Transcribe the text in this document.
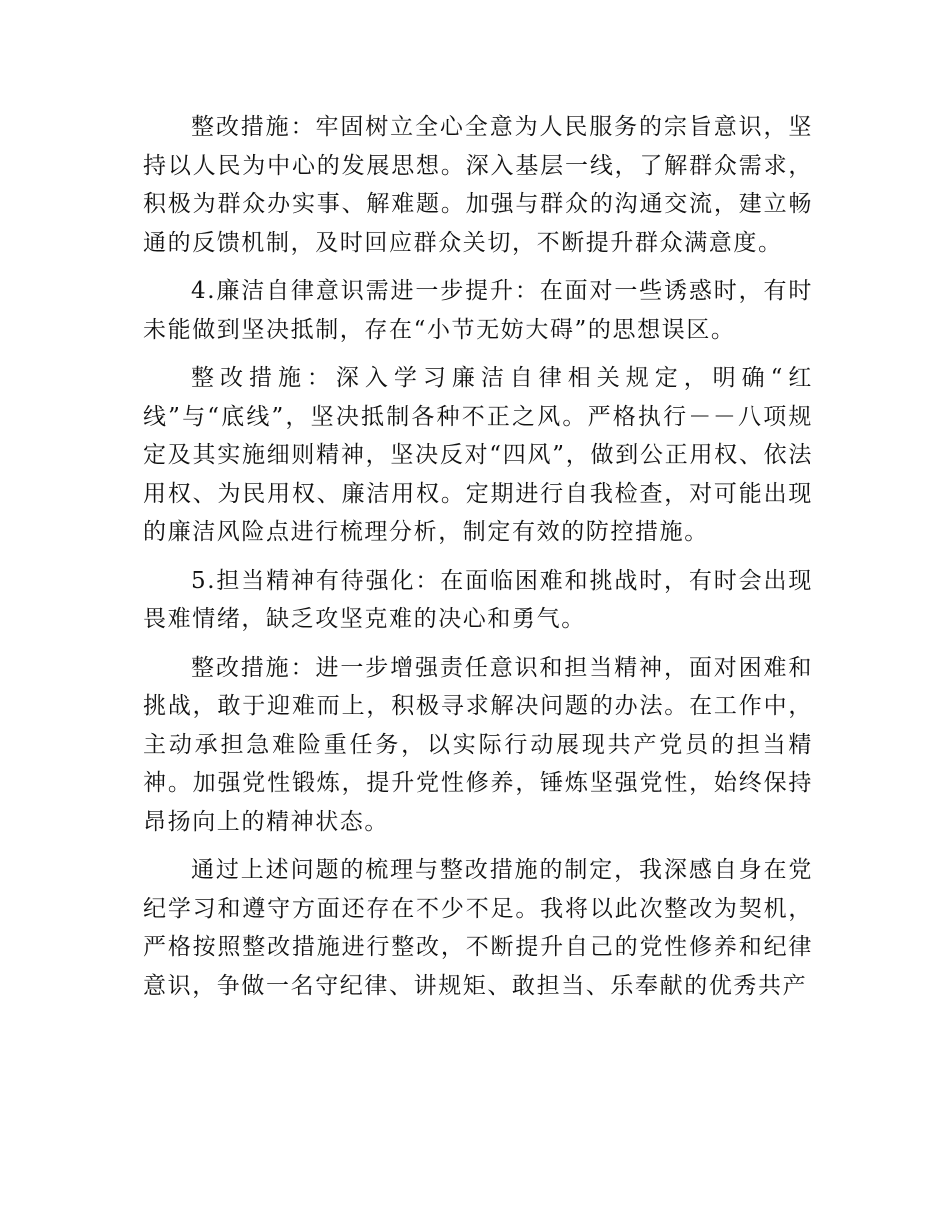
整改措施：牢固树立全心全意为人民服务的宗旨意识，坚持以人民为中心的发展思想。深入基层一线，了解群众需求，积极为群众办实事、解难题。加强与群众的沟通交流，建立畅通的反馈机制，及时回应群众关切，不断提升群众满意度。

4.廉洁自律意识需进一步提升：在面对一些诱惑时，有时未能做到坚决抵制，存在“小节无妨大碍”的思想误区。

整改措施：深入学习廉洁自律相关规定，明确“红线”与“底线”，坚决抵制各种不正之风。严格执行－－八项规定及其实施细则精神，坚决反对“四风”，做到公正用权、依法用权、为民用权、廉洁用权。定期进行自我检查，对可能出现的廉洁风险点进行梳理分析，制定有效的防控措施。

5.担当精神有待强化：在面临困难和挑战时，有时会出现畏难情绪，缺乏攻坚克难的决心和勇气。

整改措施：进一步增强责任意识和担当精神，面对困难和挑战，敢于迎难而上，积极寻求解决问题的办法。在工作中，主动承担急难险重任务，以实际行动展现共产党员的担当精神。加强党性锻炼，提升党性修养，锤炼坚强党性，始终保持昂扬向上的精神状态。

通过上述问题的梳理与整改措施的制定，我深感自身在党纪学习和遵守方面还存在不少不足。我将以此次整改为契机，严格按照整改措施进行整改，不断提升自己的党性修养和纪律意识，争做一名守纪律、讲规矩、敢担当、乐奉献的优秀共产
